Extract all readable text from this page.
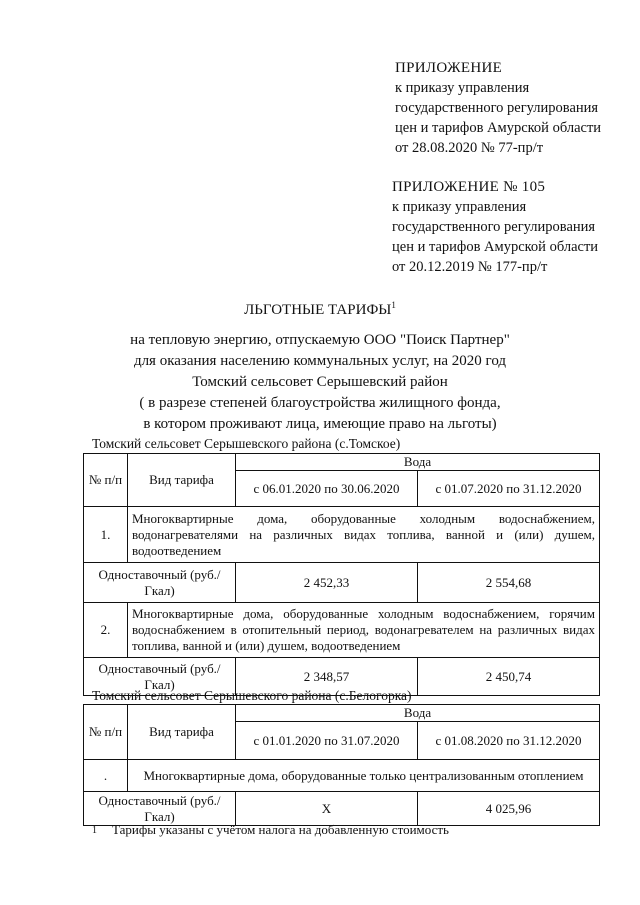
ПРИЛОЖЕНИЕ
к приказу управления
государственного регулирования
цен и тарифов Амурской области
от 28.08.2020 № 77-пр/т
ПРИЛОЖЕНИЕ № 105
к приказу управления
государственного регулирования
цен и тарифов Амурской области
от 20.12.2019 № 177-пр/т
ЛЬГОТНЫЕ ТАРИФЫ$^1$
на тепловую энергию, отпускаемую ООО "Поиск Партнер"
для оказания населению коммунальных услуг, на 2020 год
Томский сельсовет Серышевский район
( в разрезе степеней благоустройства жилищного фонда,
в котором проживают лица, имеющие право на льготы)
Томский сельсовет Серышевского района (с.Томское)
№ п/п	Вид тарифа	Вода	
		с 06.01.2020 по 30.06.2020	с 01.07.2020 по 31.12.2020
1.	Многоквартирные дома, оборудованные холодным водоснабжением, водонагревателями на различных видах топлива, ванной и (или) душем, водоотведением		
Одноставочный (руб./Гкал)		2 452,33	2 554,68
2.	Многоквартирные дома, оборудованные холодным водоснабжением, горячим водоснабжением в отопительный период, водонагревателем на различных видах топлива, ванной и (или) душем, водоотведением		
Одноставочный (руб./Гкал)		2 348,57	2 450,74
Томский сельсовет Серышевского района (с.Белогорка)
№ п/п	Вид тарифа	Вода	
		с 01.01.2020 по 31.07.2020	с 01.08.2020 по 31.12.2020
.	Многоквартирные дома, оборудованные только централизованным отоплением		
Одноставочный (руб./Гкал)		Х	4 025,96
1 Тарифы указаны с учётом налога на добавленную стоимость
